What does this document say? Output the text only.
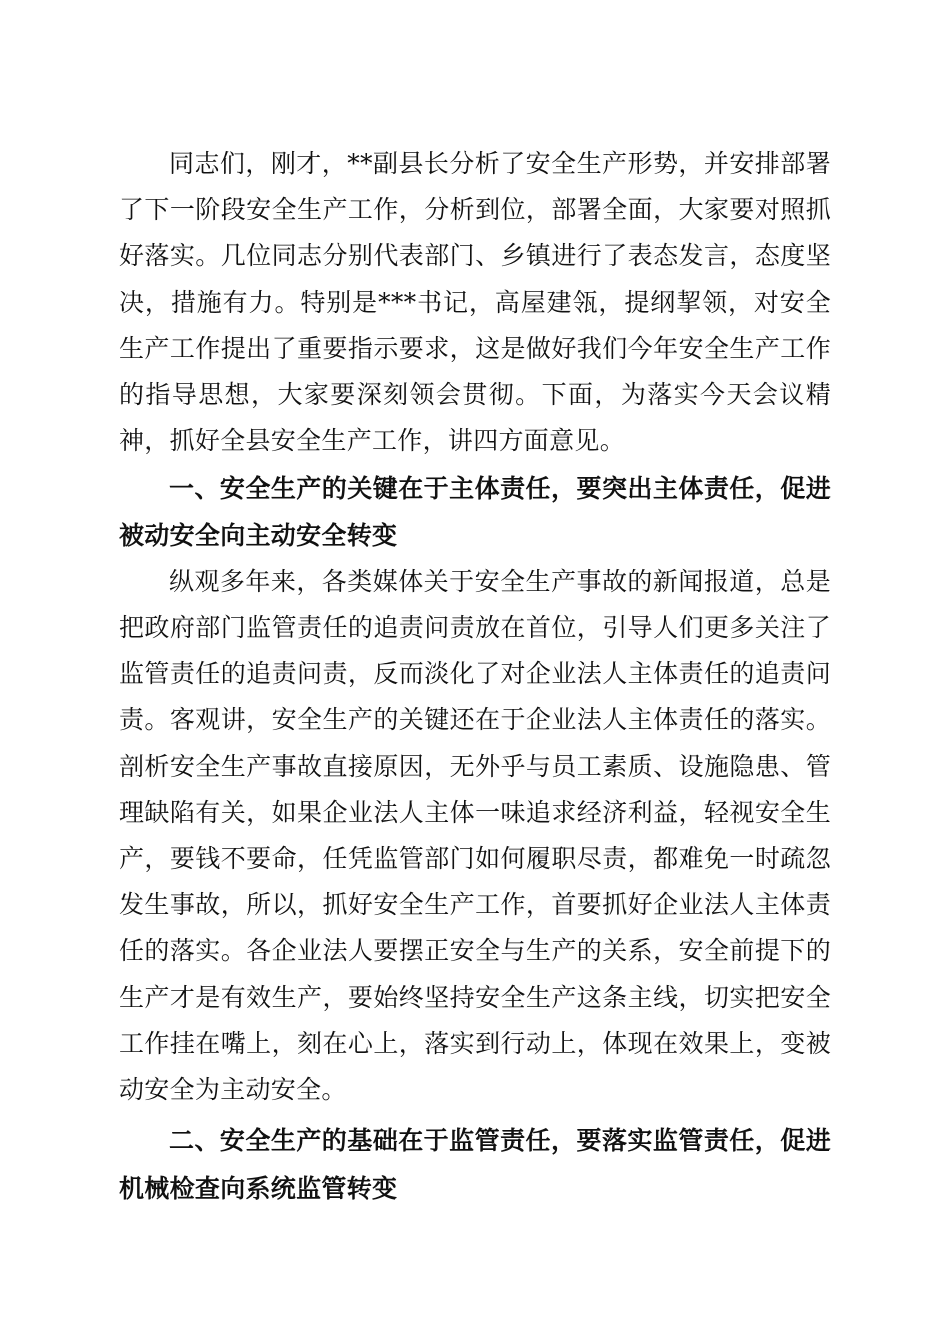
同志们，刚才，**副县长分析了安全生产形势，并安排部署了下一阶段安全生产工作，分析到位，部署全面，大家要对照抓好落实。几位同志分别代表部门、乡镇进行了表态发言，态度坚决，措施有力。特别是***书记，高屋建瓴，提纲挈领，对安全生产工作提出了重要指示要求，这是做好我们今年安全生产工作的指导思想，大家要深刻领会贯彻。下面，为落实今天会议精神，抓好全县安全生产工作，讲四方面意见。

一、安全生产的关键在于主体责任，要突出主体责任，促进被动安全向主动安全转变

纵观多年来，各类媒体关于安全生产事故的新闻报道，总是把政府部门监管责任的追责问责放在首位，引导人们更多关注了监管责任的追责问责，反而淡化了对企业法人主体责任的追责问责。客观讲，安全生产的关键还在于企业法人主体责任的落实。剖析安全生产事故直接原因，无外乎与员工素质、设施隐患、管理缺陷有关，如果企业法人主体一味追求经济利益，轻视安全生产，要钱不要命，任凭监管部门如何履职尽责，都难免一时疏忽发生事故，所以，抓好安全生产工作，首要抓好企业法人主体责任的落实。各企业法人要摆正安全与生产的关系，安全前提下的生产才是有效生产，要始终坚持安全生产这条主线，切实把安全工作挂在嘴上，刻在心上，落实到行动上，体现在效果上，变被动安全为主动安全。

二、安全生产的基础在于监管责任，要落实监管责任，促进机械检查向系统监管转变
